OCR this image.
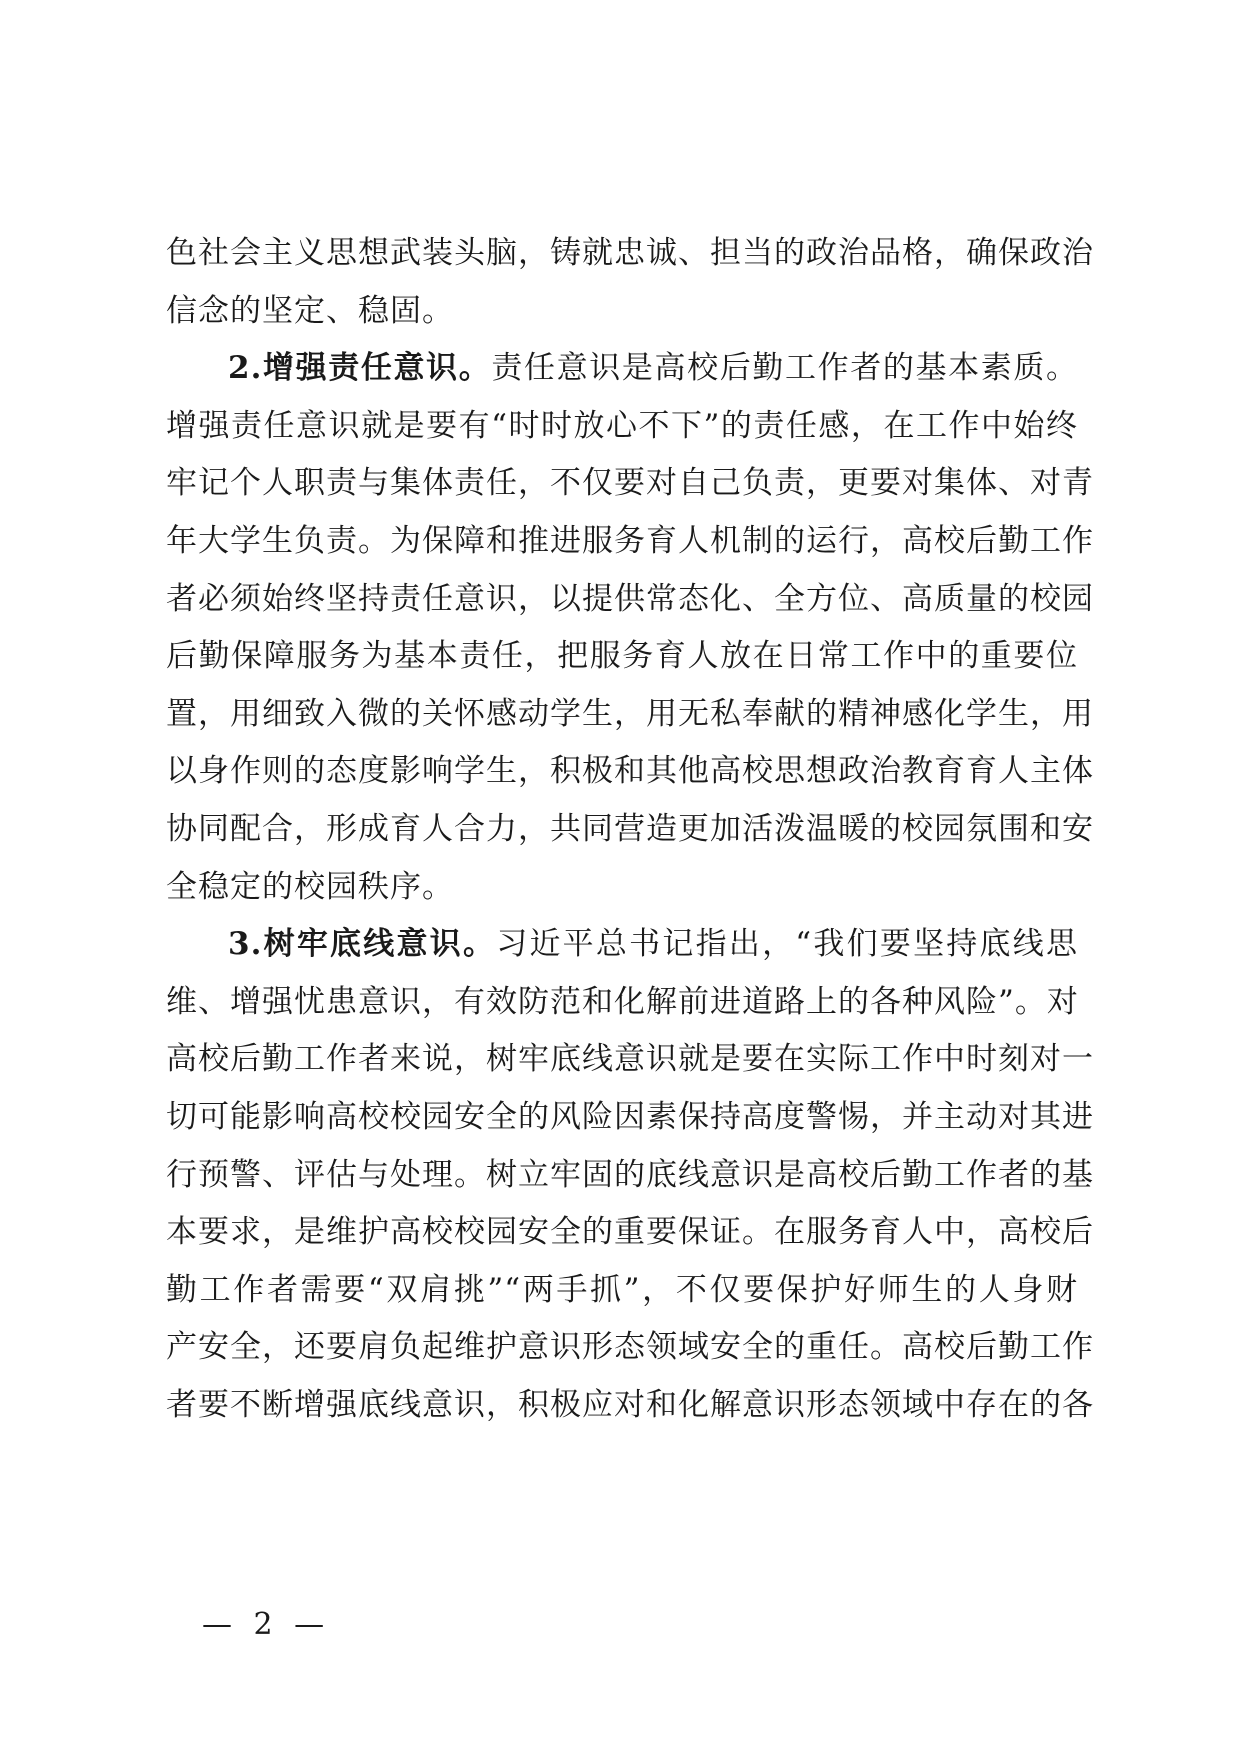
色社会主义思想武装头脑，铸就忠诚、担当的政治品格，确保政治
信念的坚定、稳固。
2.增强责任意识。责任意识是高校后勤工作者的基本素质。
增强责任意识就是要有“时时放心不下”的责任感，在工作中始终
牢记个人职责与集体责任，不仅要对自己负责，更要对集体、对青
年大学生负责。为保障和推进服务育人机制的运行，高校后勤工作
者必须始终坚持责任意识，以提供常态化、全方位、高质量的校园
后勤保障服务为基本责任，把服务育人放在日常工作中的重要位
置，用细致入微的关怀感动学生，用无私奉献的精神感化学生，用
以身作则的态度影响学生，积极和其他高校思想政治教育育人主体
协同配合，形成育人合力，共同营造更加活泼温暖的校园氛围和安
全稳定的校园秩序。
3.树牢底线意识。习近平总书记指出，“我们要坚持底线思
维、增强忧患意识，有效防范和化解前进道路上的各种风险”。对
高校后勤工作者来说，树牢底线意识就是要在实际工作中时刻对一
切可能影响高校校园安全的风险因素保持高度警惕，并主动对其进
行预警、评估与处理。树立牢固的底线意识是高校后勤工作者的基
本要求，是维护高校校园安全的重要保证。在服务育人中，高校后
勤工作者需要“双肩挑”“两手抓”，不仅要保护好师生的人身财
产安全，还要肩负起维护意识形态领域安全的重任。高校后勤工作
者要不断增强底线意识，积极应对和化解意识形态领域中存在的各
— 2 —
